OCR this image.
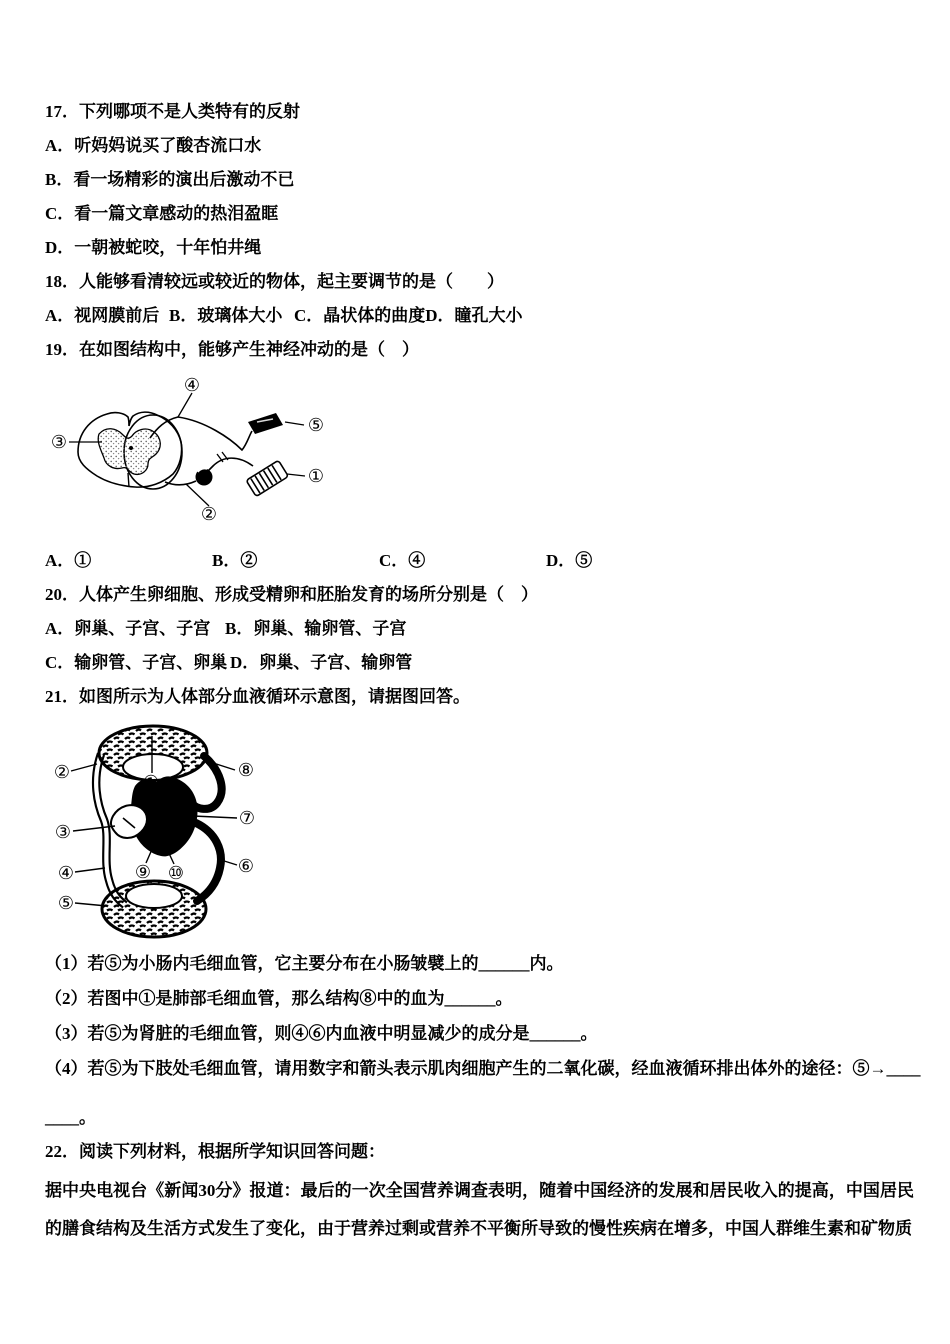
17．下列哪项不是人类特有的反射
A．听妈妈说买了酸杏流口水
B．看一场精彩的演出后激动不已
C．看一篇文章感动的热泪盈眶
D．一朝被蛇咬，十年怕井绳
18．人能够看清较远或较近的物体，起主要调节的是（　　）
A．视网膜前后 B．玻璃体大小 C．晶状体的曲度 D．瞳孔大小
19．在如图结构中，能够产生神经冲动的是（　）
④
⑤
③
①
②
A．①	B．②	C．④	D．⑤
20．人体产生卵细胞、形成受精卵和胚胎发育的场所分别是（　）
A．卵巢、子宫、子宫 B．卵巢、输卵管、子宫
C．输卵管、子宫、卵巢 D．卵巢、子宫、输卵管
21．如图所示为人体部分血液循环示意图，请据图回答。
②	⑧
①
③
⑦
④	⑥
⑨ ⑩
⑤
（1）若⑤为小肠内毛细血管，它主要分布在小肠皱襞上的______内。
（2）若图中①是肺部毛细血管，那么结构⑧中的血为______。
（3）若⑤为肾脏的毛细血管，则④⑥内血液中明显减少的成分是______。
（4）若⑤为下肢处毛细血管，请用数字和箭头表示肌肉细胞产生的二氧化碳，经血液循环排出体外的途径：⑤→____
____。
22．阅读下列材料，根据所学知识回答问题：
据中央电视台《新闻30分》报道：最后的一次全国营养调查表明，随着中国经济的发展和居民收入的提高，中国居民的膳食结构及生活方式发生了变化，由于营养过剩或营养不平衡所导致的慢性疾病在增多，中国人群维生素和矿物质
